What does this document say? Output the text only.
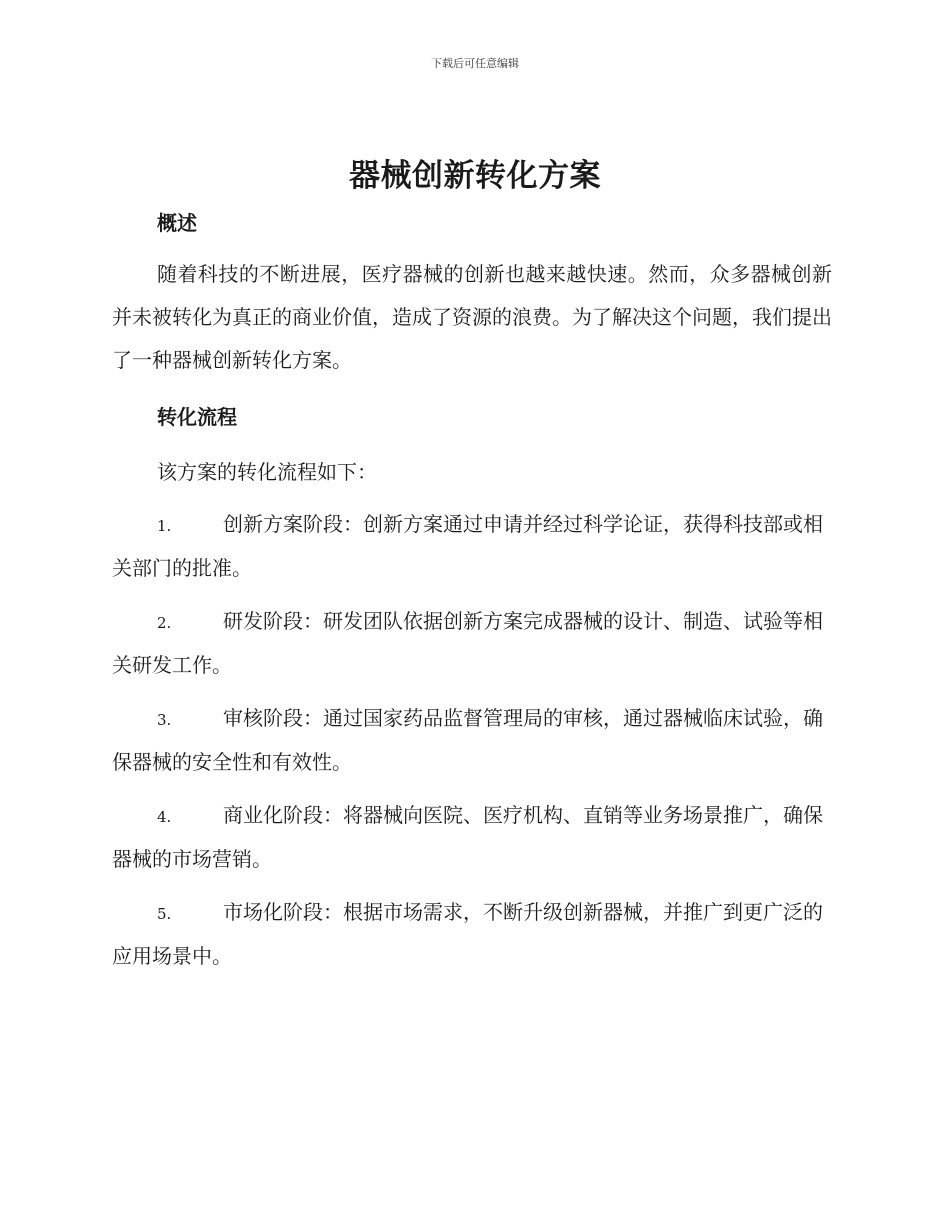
下载后可任意编辑
器械创新转化方案
概述

随着科技的不断进展，医疗器械的创新也越来越快速。然而，众多器械创新并未被转化为真正的商业价值，造成了资源的浪费。为了解决这个问题，我们提出了一种器械创新转化方案。

转化流程

该方案的转化流程如下：

1.	创新方案阶段：创新方案通过申请并经过科学论证，获得科技部或相关部门的批准。

2.	研发阶段：研发团队依据创新方案完成器械的设计、制造、试验等相关研发工作。

3.	审核阶段：通过国家药品监督管理局的审核，通过器械临床试验，确保器械的安全性和有效性。

4.	商业化阶段：将器械向医院、医疗机构、直销等业务场景推广，确保器械的市场营销。

5.	市场化阶段：根据市场需求，不断升级创新器械，并推广到更广泛的应用场景中。
